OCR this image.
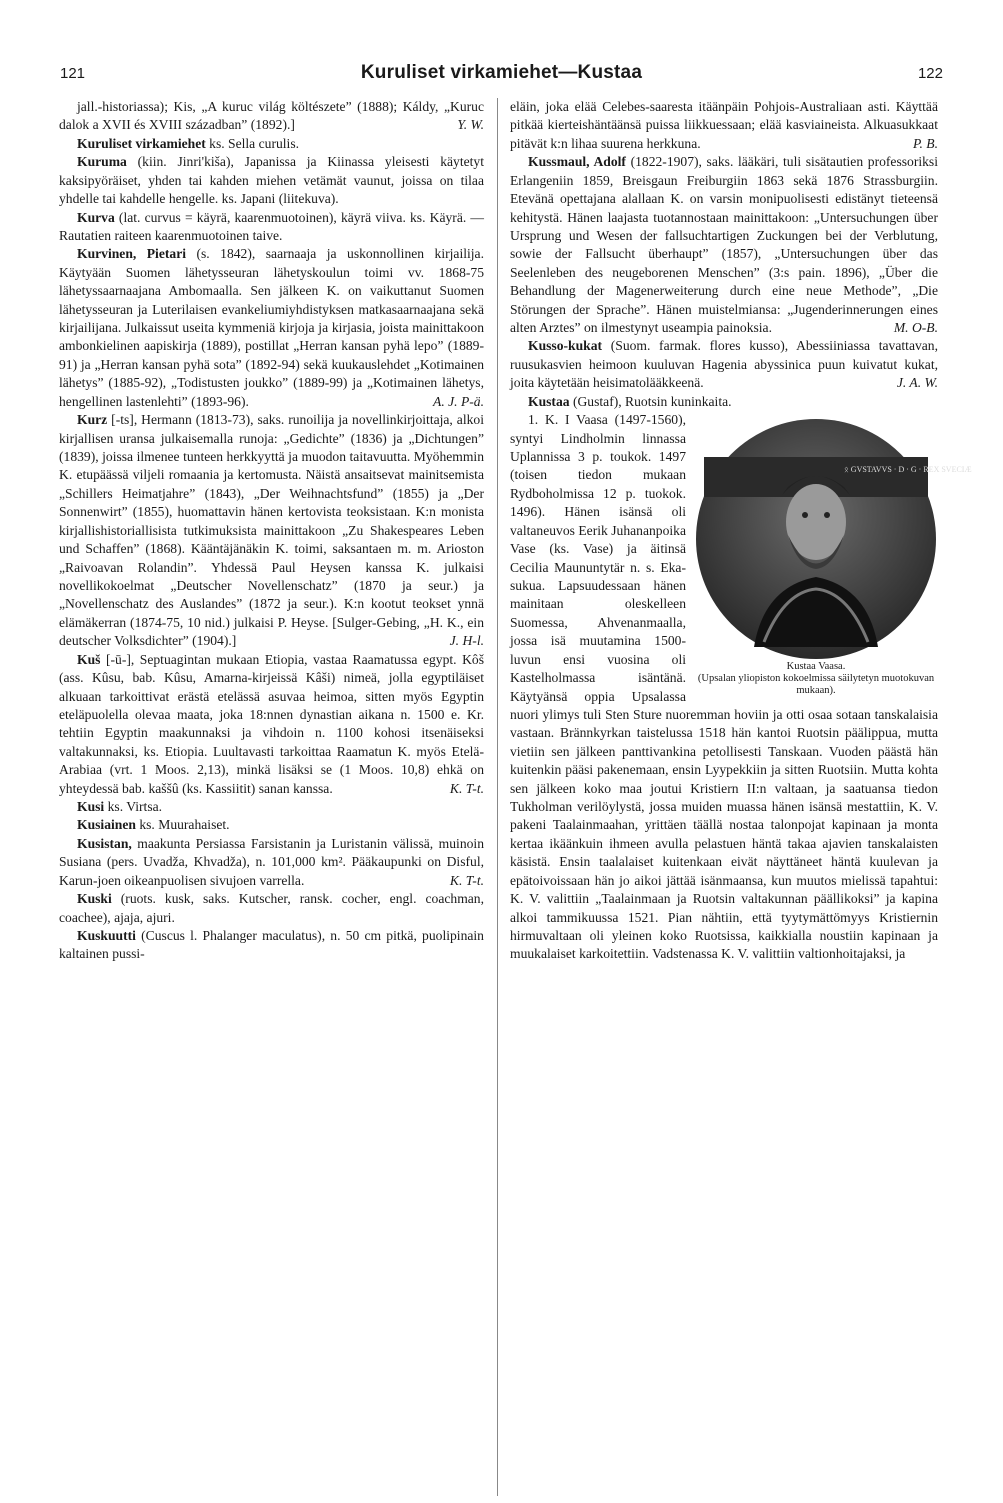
121	Kuruliset virkamiehet—Kustaa	122

jall.-historiassa); Kis, „A kuruc világ költészete” (1888); Káldy, „Kuruc dalok a XVII és XVIII században” (1892).]	Y. W.

Kuruliset virkamiehet ks. Sella curulis.

Kuruma (kiin. Jinri'kiša), Japanissa ja Kiinassa yleisesti käytetyt kaksipyöräiset, yhden tai kahden miehen vetämät vaunut, joissa on tilaa yhdelle tai kahdelle hengelle. ks. Japani (liitekuva).

Kurva (lat. curvus = käyrä, kaarenmuotoinen), käyrä viiva. ks. Käyrä. — Rautatien raiteen kaarenmuotoinen taive.

Kurvinen, Pietari (s. 1842), saarnaaja ja uskonnollinen kirjailija. Käytyään Suomen lähetysseuran lähetyskoulun toimi vv. 1868-75 lähetyssaarnaajana Ambomaalla. Sen jälkeen K. on vaikuttanut Suomen lähetysseuran ja Luterilaisen evankeliumiyhdistyksen matkasaarnaajana sekä kirjailijana. Julkaissut useita kymmeniä kirjoja ja kirjasia, joista mainittakoon ambonkielinen aapiskirja (1889), postillat „Herran kansan pyhä lepo” (1889-91) ja „Herran kansan pyhä sota” (1892-94) sekä kuukauslehdet „Kotimainen lähetys” (1885-92), „Todistusten joukko” (1889-99) ja „Kotimainen lähetys, hengellinen lastenlehti” (1893-96).	A. J. P-ä.

Kurz [-ts], Hermann (1813-73), saks. runoilija ja novellinkirjoittaja, alkoi kirjallisen uransa julkaisemalla runoja: „Gedichte” (1836) ja „Dichtungen” (1839), joissa ilmenee tunteen herkkyyttä ja muodon taitavuutta. Myöhemmin K. etupäässä viljeli romaania ja kertomusta. Näistä ansaitsevat mainitsemista „Schillers Heimatjahre” (1843), „Der Weihnachtsfund” (1855) ja „Der Sonnenwirt” (1855), huomattavin hänen kertovista teoksistaan. K:n monista kirjallishistoriallisista tutkimuksista mainittakoon „Zu Shakespeares Leben und Schaffen” (1868). Kääntäjänäkin K. toimi, saksantaen m. m. Arioston „Raivoavan Rolandin”. Yhdessä Paul Heysen kanssa K. julkaisi novellikokoelmat „Deutscher Novellenschatz” (1870 ja seur.) ja „Novellenschatz des Auslandes” (1872 ja seur.). K:n kootut teokset ynnä elämäkerran (1874-75, 10 nid.) julkaisi P. Heyse. [Sulger-Gebing, „H. K., ein deutscher Volksdichter” (1904).]	J. H-l.

Kuš [-ū-], Septuagintan mukaan Etiopia, vastaa Raamatussa egypt. Kôš (ass. Kûsu, bab. Kûsu, Amarna-kirjeissä Kâši) nimeä, jolla egyptiläiset alkuaan tarkoittivat erästä etelässä asuvaa heimoa, sitten myös Egyptin eteläpuolella olevaa maata, joka 18:nnen dynastian aikana n. 1500 e. Kr. tehtiin Egyptin maakunnaksi ja vihdoin n. 1100 kohosi itsenäiseksi valtakunnaksi, ks. Etiopia. Luultavasti tarkoittaa Raamatun K. myös Etelä-Arabiaa (vrt. 1 Moos. 2,13), minkä lisäksi se (1 Moos. 10,8) ehkä on yhteydessä bab. kaššû (ks. Kassiitit) sanan kanssa.	K. T-t.

Kusi ks. Virtsa.

Kusiainen ks. Muurahaiset.

Kusistan, maakunta Persiassa Farsistanin ja Luristanin välissä, muinoin Susiana (pers. Uvadža, Khvadža), n. 101,000 km². Pääkaupunki on Disful, Karun-joen oikeanpuolisen sivujoen varrella.	K. T-t.

Kuski (ruots. kusk, saks. Kutscher, ransk. cocher, engl. coachman, coachee), ajaja, ajuri.

Kuskuutti (Cuscus l. Phalanger maculatus), n. 50 cm pitkä, puolipinain kaltainen pussi-

eläin, joka elää Celebes-saaresta itäänpäin Pohjois-Australiaan asti. Käyttää pitkää kierteishäntäänsä puissa liikkuessaan; elää kasviaineista. Alkuasukkaat pitävät k:n lihaa suurena herkkuna.	P. B.

Kussmaul, Adolf (1822-1907), saks. lääkäri, tuli sisätautien professoriksi Erlangeniin 1859, Breisgaun Freiburgiin 1863 sekä 1876 Strassburgiin. Etevänä opettajana alallaan K. on varsin monipuolisesti edistänyt tieteensä kehitystä. Hänen laajasta tuotannostaan mainittakoon: „Untersuchungen über Ursprung und Wesen der fallsuchtartigen Zuckungen bei der Verblutung, sowie der Fallsucht überhaupt” (1857), „Untersuchungen über das Seelenleben des neugeborenen Menschen” (3:s pain. 1896), „Über die Behandlung der Magenerweiterung durch eine neue Methode”, „Die Störungen der Sprache”. Hänen muistelmiansa: „Jugenderinnerungen eines alten Arztes” on ilmestynyt useampia painoksia.	M. O-B.

Kusso-kukat (Suom. farmak. flores kusso), Abessiiniassa tavattavan, ruusukasvien heimoon kuuluvan Hagenia abyssinica puun kuivatut kukat, joita käytetään heisimatolääkkeenä.	J. A. W.

Kustaa (Gustaf), Ruotsin kuninkaita.

ᛟ GVSTAVVS · D · G · REX SVECIÆ
Kustaa Vaasa.
(Upsalan yliopiston kokoelmissa säilytetyn muotokuvan mukaan).
1. K. I Vaasa (1497-1560), syntyi Lindholmin linnassa Uplannissa 3 p. toukok. 1497 (toisen tiedon mukaan Rydboholmissa 12 p. tuokok. 1496). Hänen isänsä oli valtaneuvos Eerik Juhananpoika Vase (ks. Vase) ja äitinsä Cecilia Maununtytär n. s. Eka-sukua. Lapsuudessaan hänen mainitaan oleskelleen Suomessa, Ahvenanmaalla, jossa isä muutamina 1500-luvun ensi vuosina oli Kastelholmassa isäntänä. Käytyänsä oppia Upsalassa nuori ylimys tuli Sten Sture nuoremman hoviin ja otti osaa sotaan tanskalaisia vastaan. Brännkyrkan taistelussa 1518 hän kantoi Ruotsin päälippua, mutta vietiin sen jälkeen panttivankina petollisesti Tanskaan. Vuoden päästä hän kuitenkin pääsi pakenemaan, ensin Lyypekkiin ja sitten Ruotsiin. Mutta kohta sen jälkeen koko maa joutui Kristiern II:n valtaan, ja saatuansa tiedon Tukholman verilöylystä, jossa muiden muassa hänen isänsä mestattiin, K. V. pakeni Taalainmaahan, yrittäen täällä nostaa talonpojat kapinaan ja monta kertaa ikäänkuin ihmeen avulla pelastuen häntä takaa ajavien tanskalaisten käsistä. Ensin taalalaiset kuitenkaan eivät näyttäneet häntä kuulevan ja epätoivoissaan hän jo aikoi jättää isänmaansa, kun muutos mielissä tapahtui: K. V. valittiin „Taalainmaan ja Ruotsin valtakunnan päällikoksi” ja kapina alkoi tammikuussa 1521. Pian nähtiin, että tyytymättömyys Kristiernin hirmuvaltaan oli yleinen koko Ruotsissa, kaikkialla noustiin kapinaan ja muukalaiset karkoitettiin. Vadstenassa K. V. valittiin valtionhoitajaksi, ja
